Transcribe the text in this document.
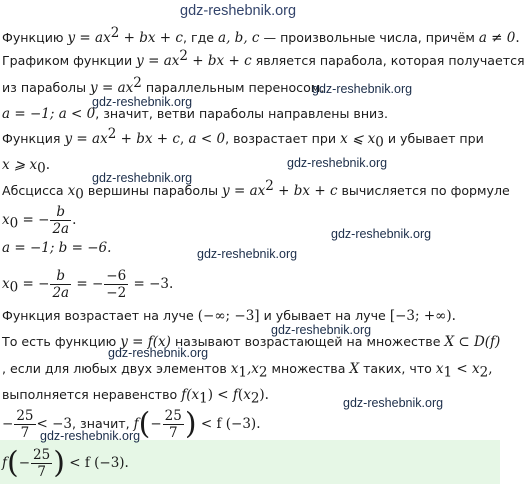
Функцию $y = ax^2$ + bx + c, где a, b, c — произвольные числа, причём a ≠ 0.
Графиком функции $y = ax^2$ + bx + c является парабола, которая получается
из параболы $y = ax^2$ параллельным переносом.
a = −1; a < 0, значит, ветви параболы направлены вниз.
Функция $y = ax^2$ + bx + c, a < 0, возрастает при x ⩽ $x_0$ и убывает при
x ⩾ $x_0$.
Абсцисса $x_0$ вершины параболы $y = ax^2$ + bx + c вычисляется по формуле
$x_0$ = − $\frac{b}{2a}$ .
a = −1; b = −6.
$x_0$ = − $\frac{b}{2a}$ = − $\frac{-6}{-2} = -3$.
Функция возрастает на луче (−∞; −3] и убывает на луче [−3; +∞).
То есть функцию y = f(x) называют возрастающей на множестве X ⊂ D(f)
, если для любых двух элементов $x_1,x_2$ множества X таких, что $x_1 < x_2$,
выполняется неравенство $f(x_1) < f(x_2)$.
− $\frac{25}{7} < -3$, значит, $f(- \frac{25}{7}$ ) < f (−3).
$f(- \frac{25}{7}$ ) < f (−3).
gdz-reshebnik.org
gdz-reshebnik.org
gdz-reshebnik.org
gdz-reshebnik.org
gdz-reshebnik.org
gdz-reshebnik.org
gdz-reshebnik.org
gdz-reshebnik.org
gdz-reshebnik.org
gdz-reshebnik.org
gdz-reshebnik.org
